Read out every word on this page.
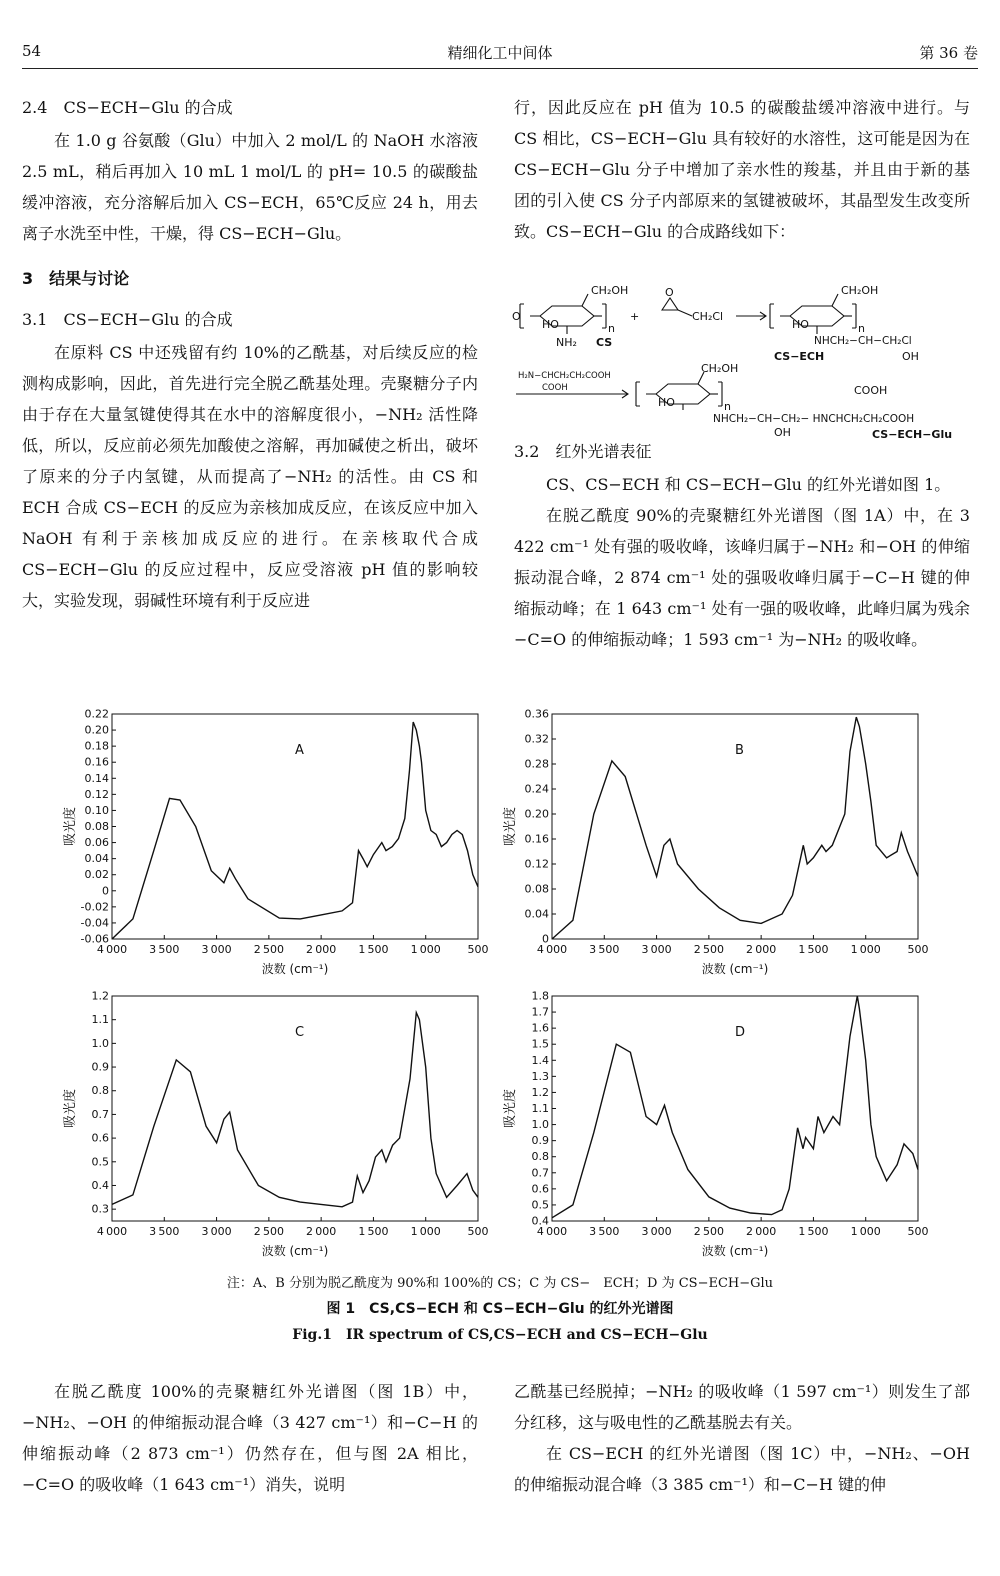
54	精细化工中间体	第 36 卷

2.4　CS−ECH−Glu 的合成

在 1.0 g 谷氨酸（Glu）中加入 2 mol/L 的 NaOH 水溶液 2.5 mL，稍后再加入 10 mL 1 mol/L 的 pH= 10.5 的碳酸盐缓冲溶液，充分溶解后加入 CS−ECH，65℃反应 24 h，用去离子水洗至中性，干燥，得 CS−ECH−Glu。

3　结果与讨论

3.1　CS−ECH−Glu 的合成

在原料 CS 中还残留有约 10%的乙酰基，对后续反应的检测构成影响，因此，首先进行完全脱乙酰基处理。壳聚糖分子内由于存在大量氢键使得其在水中的溶解度很小，−NH₂ 活性降低，所以，反应前必须先加酸使之溶解，再加碱使之析出，破坏了原来的分子内氢键，从而提高了−NH₂ 的活性。由 CS 和 ECH 合成 CS−ECH 的反应为亲核加成反应，在该反应中加入 NaOH 有利于亲核加成反应的进行。在亲核取代合成 CS−ECH−Glu 的反应过程中，反应受溶液 pH 值的影响较大，实验发现，弱碱性环境有利于反应进

行，因此反应在 pH 值为 10.5 的碳酸盐缓冲溶液中进行。与 CS 相比，CS−ECH−Glu 具有较好的水溶性，这可能是因为在 CS−ECH−Glu 分子中增加了亲水性的羧基，并且由于新的基团的引入使 CS 分子内部原来的氢键被破坏，其晶型发生改变所致。CS−ECH−Glu 的合成路线如下：

CH₂OH
HO
O
n
NH₂ CS
+
O
CH₂Cl
CH₂OH
HO	n
NHCH₂−CH−CH₂Cl
OH
CS−ECH
H₂N−CHCH₂CH₂COOH
COOH
CH₂OH
HO	n
COOH
NHCH₂−CH−CH₂− HNCHCH₂CH₂COOH
OH	CS−ECH−Glu

3.2　红外光谱表征

CS、CS−ECH 和 CS−ECH−Glu 的红外光谱如图 1。

在脱乙酰度 90%的壳聚糖红外光谱图（图 1A）中，在 3 422 cm⁻¹ 处有强的吸收峰，该峰归属于−NH₂ 和−OH 的伸缩振动混合峰，2 874 cm⁻¹ 处的强吸收峰归属于−C−H 键的伸缩振动峰；在 1 643 cm⁻¹ 处有一强的吸收峰，此峰归属为残余−C=O 的伸缩振动峰；1 593 cm⁻¹ 为−NH₂ 的吸收峰。

0.22
0.20
0.18
0.16
0.14
0.12
0.10
0.08
0.06
0.04
0.02
0
-0.02
-0.04
-0.06
4 000 3 500 3 000 2 500 2 000 1 500 1 000 500
A
吸光度
波数 (cm⁻¹)
0.36
0.32
0.28
0.24
0.20
0.16
0.12
0.08
0.04
0
4 000 3 500 3 000 2 500 2 000 1 500 1 000 500
B
吸光度
波数 (cm⁻¹)
1.2
1.1
1.0
0.9
0.8
0.7
0.6
0.5
0.4
0.3
4 000 3 500 3 000 2 500 2 000 1 500 1 000 500
C
吸光度
波数 (cm⁻¹)
1.8
1.7
1.6
1.5
1.4
1.3
1.2
1.1
1.0
0.9
0.8
0.7
0.6
0.5
0.4
4 000 3 500 3 000 2 500 2 000 1 500 1 000 500
D
吸光度
波数 (cm⁻¹)
注：A、B 分别为脱乙酰度为 90%和 100%的 CS；C 为 CS−　ECH；D 为 CS−ECH−Glu
图 1　CS,CS−ECH 和 CS−ECH−Glu 的红外光谱图
Fig.1　IR spectrum of CS,CS−ECH and CS−ECH−Glu

在脱乙酰度 100%的壳聚糖红外光谱图（图 1B）中，−NH₂、−OH 的伸缩振动混合峰（3 427 cm⁻¹）和−C−H 的伸缩振动峰（2 873 cm⁻¹）仍然存在，但与图 2A 相比，−C=O 的吸收峰（1 643 cm⁻¹）消失，说明

乙酰基已经脱掉；−NH₂ 的吸收峰（1 597 cm⁻¹）则发生了部分红移，这与吸电性的乙酰基脱去有关。

在 CS−ECH 的红外光谱图（图 1C）中，−NH₂、−OH 的伸缩振动混合峰（3 385 cm⁻¹）和−C−H 键的伸
